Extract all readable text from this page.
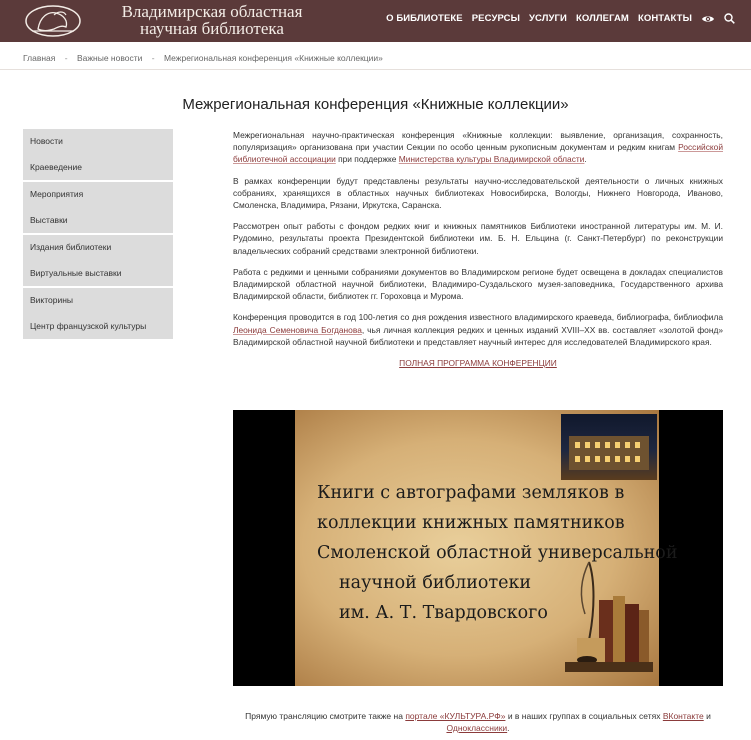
Владимирская областная
научная библиотека
О БИБЛИОТЕКЕ РЕСУРСЫ УСЛУГИ КОЛЛЕГАМ КОНТАКТЫ
Главная - Важные новости - Межрегиональная конференция «Книжные коллекции»
Межрегиональная конференция «Книжные коллекции»
Новости
Краеведение
Мероприятия
Выставки
Издания библиотеки
Виртуальные выставки
Викторины
Центр французской культуры

Межрегиональная научно-практическая конференция «Книжные коллекции: выявление, организация, сохранность, популяризация» организована при участии Секции по особо ценным рукописным документам и редким книгам Российской библиотечной ассоциации при поддержке Министерства культуры Владимирской области.

В рамках конференции будут представлены результаты научно-исследовательской деятельности о личных книжных собраниях, хранящихся в областных научных библиотеках Новосибирска, Вологды, Нижнего Новгорода, Иваново, Смоленска, Владимира, Рязани, Иркутска, Саранска.

Рассмотрен опыт работы с фондом редких книг и книжных памятников Библиотеки иностранной литературы им. М. И. Рудомино, результаты проекта Президентской библиотеки им. Б. Н. Ельцина (г. Санкт-Петербург) по реконструкции владельческих собраний средствами электронной библиотеки.

Работа с редкими и ценными собраниями документов во Владимирском регионе будет освещена в докладах специалистов Владимирской областной научной библиотеки, Владимиро-Суздальского музея-заповедника, Государственного архива Владимирской области, библиотек гг. Гороховца и Мурома.

Конференция проводится в год 100-летия со дня рождения известного владимирского краеведа, библиографа, библиофила Леонида Семеновича Богданова, чья личная коллекция редких и ценных изданий XVIII–XX вв. составляет «золотой фонд» Владимирской областной научной библиотеки и представляет научный интерес для исследователей Владимирского края.

ПОЛНАЯ ПРОГРАММА КОНФЕРЕНЦИИ
Книги с автографами земляков в
коллекции книжных памятников
Смоленской областной универсальной
научной библиотеки
им. А. Т. Твардовского
Прямую трансляцию смотрите также на портале «КУЛЬТУРА.РФ» и в наших группах в социальных сетях ВКонтакте и Одноклассники.
